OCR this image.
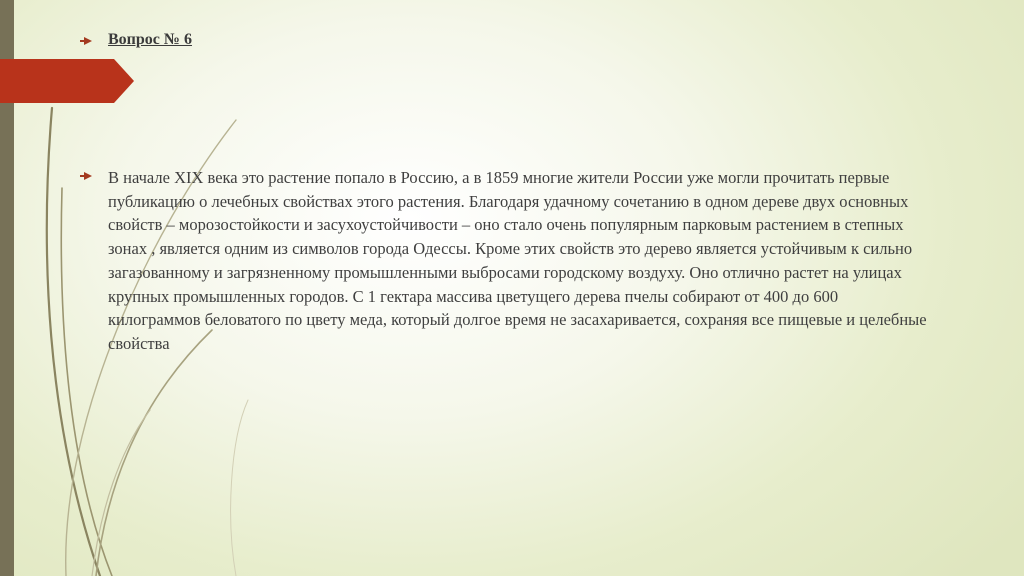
Вопрос № 6

В начале XIX века это растение попало в Россию, а в 1859 многие жители России уже могли прочитать первые публикацию о лечебных свойствах этого растения. Благодаря удачному сочетанию в одном дереве двух основных свойств – морозостойкости и засухоустойчивости – оно стало очень популярным парковым растением в степных зонах , является одним из символов города Одессы. Кроме этих свойств это дерево является устойчивым к сильно загазованному и загрязненному промышленными выбросами городскому воздуху. Оно отлично растет на улицах крупных промышленных городов. С 1 гектара массива цветущего дерева пчелы собирают от 400 до 600 килограммов беловатого по цвету меда, который долгое время не засахаривается, сохраняя все пищевые и целебные свойства
